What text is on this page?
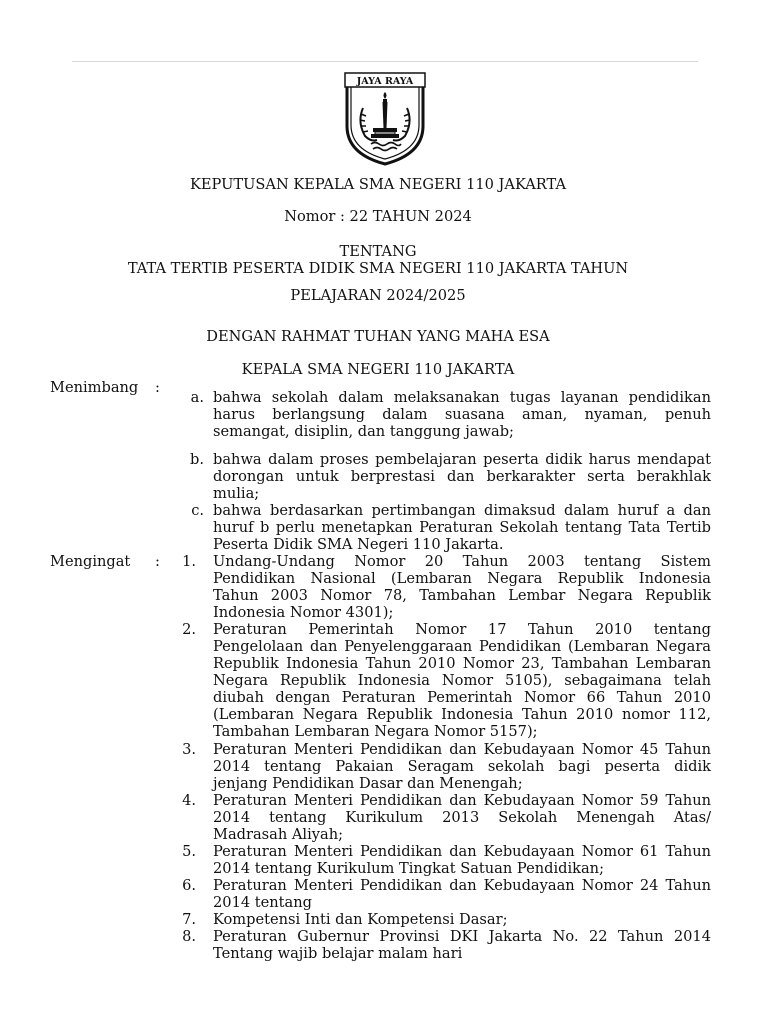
JAYA RAYA
KEPUTUSAN KEPALA SMA NEGERI 110 JAKARTA
Nomor : 22 TAHUN 2024
TENTANG
TATA TERTIB PESERTA DIDIK SMA NEGERI 110 JAKARTA TAHUN
PELAJARAN 2024/2025
DENGAN RAHMAT TUHAN YANG MAHA ESA
KEPALA SMA NEGERI 110 JAKARTA
Menimbang :
a. bahwa sekolah dalam melaksanakan tugas layanan pendidikan
harus berlangsung dalam suasana aman, nyaman, penuh
semangat, disiplin, dan tanggung jawab;
b. bahwa dalam proses pembelajaran peserta didik harus mendapat
dorongan untuk berprestasi dan berkarakter serta berakhlak
mulia;
c. bahwa berdasarkan pertimbangan dimaksud dalam huruf a dan
huruf b perlu menetapkan Peraturan Sekolah tentang Tata Tertib
Peserta Didik SMA Negeri 110 Jakarta.
Mengingat :	1. Undang-Undang Nomor 20 Tahun 2003 tentang Sistem
Pendidikan Nasional (Lembaran Negara Republik Indonesia
Tahun 2003 Nomor 78, Tambahan Lembar Negara Republik
Indonesia Nomor 4301);
2. Peraturan Pemerintah Nomor 17 Tahun 2010 tentang
Pengelolaan dan Penyelenggaraan Pendidikan (Lembaran Negara
Republik Indonesia Tahun 2010 Nomor 23, Tambahan Lembaran
Negara Republik Indonesia Nomor 5105), sebagaimana telah
diubah dengan Peraturan Pemerintah Nomor 66 Tahun 2010
(Lembaran Negara Republik Indonesia Tahun 2010 nomor 112,
Tambahan Lembaran Negara Nomor 5157);
3. Peraturan Menteri Pendidikan dan Kebudayaan Nomor 45 Tahun
2014 tentang Pakaian Seragam sekolah bagi peserta didik
jenjang Pendidikan Dasar dan Menengah;
4. Peraturan Menteri Pendidikan dan Kebudayaan Nomor 59 Tahun
2014 tentang Kurikulum 2013 Sekolah Menengah Atas/
Madrasah Aliyah;
5. Peraturan Menteri Pendidikan dan Kebudayaan Nomor 61 Tahun
2014 tentang Kurikulum Tingkat Satuan Pendidikan;
6. Peraturan Menteri Pendidikan dan Kebudayaan Nomor 24 Tahun
2014 tentang
7. Kompetensi Inti dan Kompetensi Dasar;
8. Peraturan Gubernur Provinsi DKI Jakarta No. 22 Tahun 2014
Tentang wajib belajar malam hari
